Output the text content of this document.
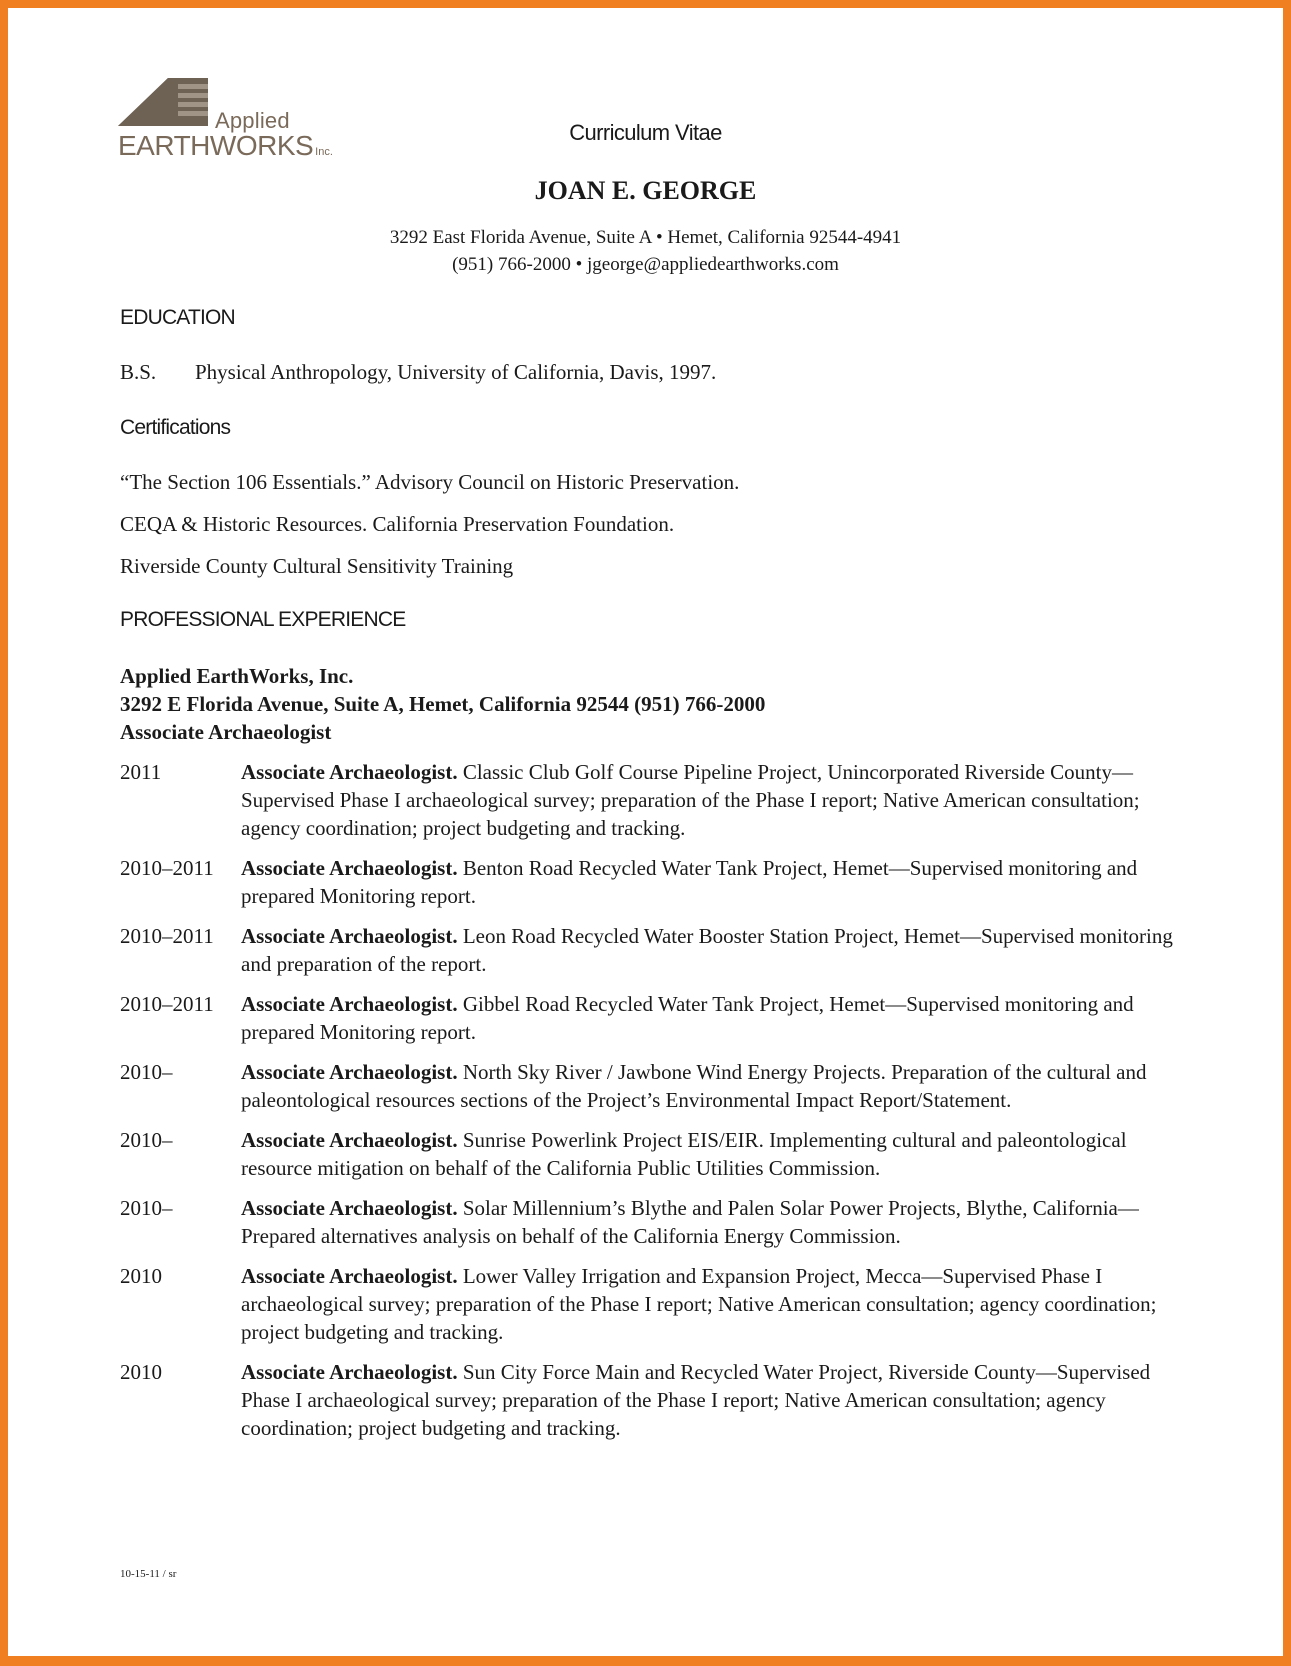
Applied
EARTHWORKS Inc.
Curriculum Vitae
JOAN E. GEORGE
3292 East Florida Avenue, Suite A • Hemet, California 92544-4941
(951) 766-2000 • jgeorge@appliedearthworks.com
EDUCATION
B.S. Physical Anthropology, University of California, Davis, 1997.
Certifications
“The Section 106 Essentials.” Advisory Council on Historic Preservation.
CEQA & Historic Resources. California Preservation Foundation.
Riverside County Cultural Sensitivity Training
PROFESSIONAL EXPERIENCE
Applied EarthWorks, Inc.
3292 E Florida Avenue, Suite A, Hemet, California 92544 (951) 766-2000
Associate Archaeologist
2011	Associate Archaeologist. Classic Club Golf Course Pipeline Project, Unincorporated Riverside County— Supervised Phase I archaeological survey; preparation of the Phase I report; Native American consultation; agency coordination; project budgeting and tracking.
2010–2011	Associate Archaeologist. Benton Road Recycled Water Tank Project, Hemet—Supervised monitoring and prepared Monitoring report.
2010–2011	Associate Archaeologist. Leon Road Recycled Water Booster Station Project, Hemet—Supervised monitoring and preparation of the report.
2010–2011	Associate Archaeologist. Gibbel Road Recycled Water Tank Project, Hemet—Supervised monitoring and prepared Monitoring report.
2010–	Associate Archaeologist. North Sky River / Jawbone Wind Energy Projects. Preparation of the cultural and paleontological resources sections of the Project’s Environmental Impact Report/Statement.
2010–	Associate Archaeologist. Sunrise Powerlink Project EIS/EIR. Implementing cultural and paleontological resource mitigation on behalf of the California Public Utilities Commission.
2010–	Associate Archaeologist. Solar Millennium’s Blythe and Palen Solar Power Projects, Blythe, California—Prepared alternatives analysis on behalf of the California Energy Commission.
2010	Associate Archaeologist. Lower Valley Irrigation and Expansion Project, Mecca—Supervised Phase I archaeological survey; preparation of the Phase I report; Native American consultation; agency coordination; project budgeting and tracking.
2010	Associate Archaeologist. Sun City Force Main and Recycled Water Project, Riverside County—Supervised Phase I archaeological survey; preparation of the Phase I report; Native American consultation; agency coordination; project budgeting and tracking.
10-15-11 / sr
